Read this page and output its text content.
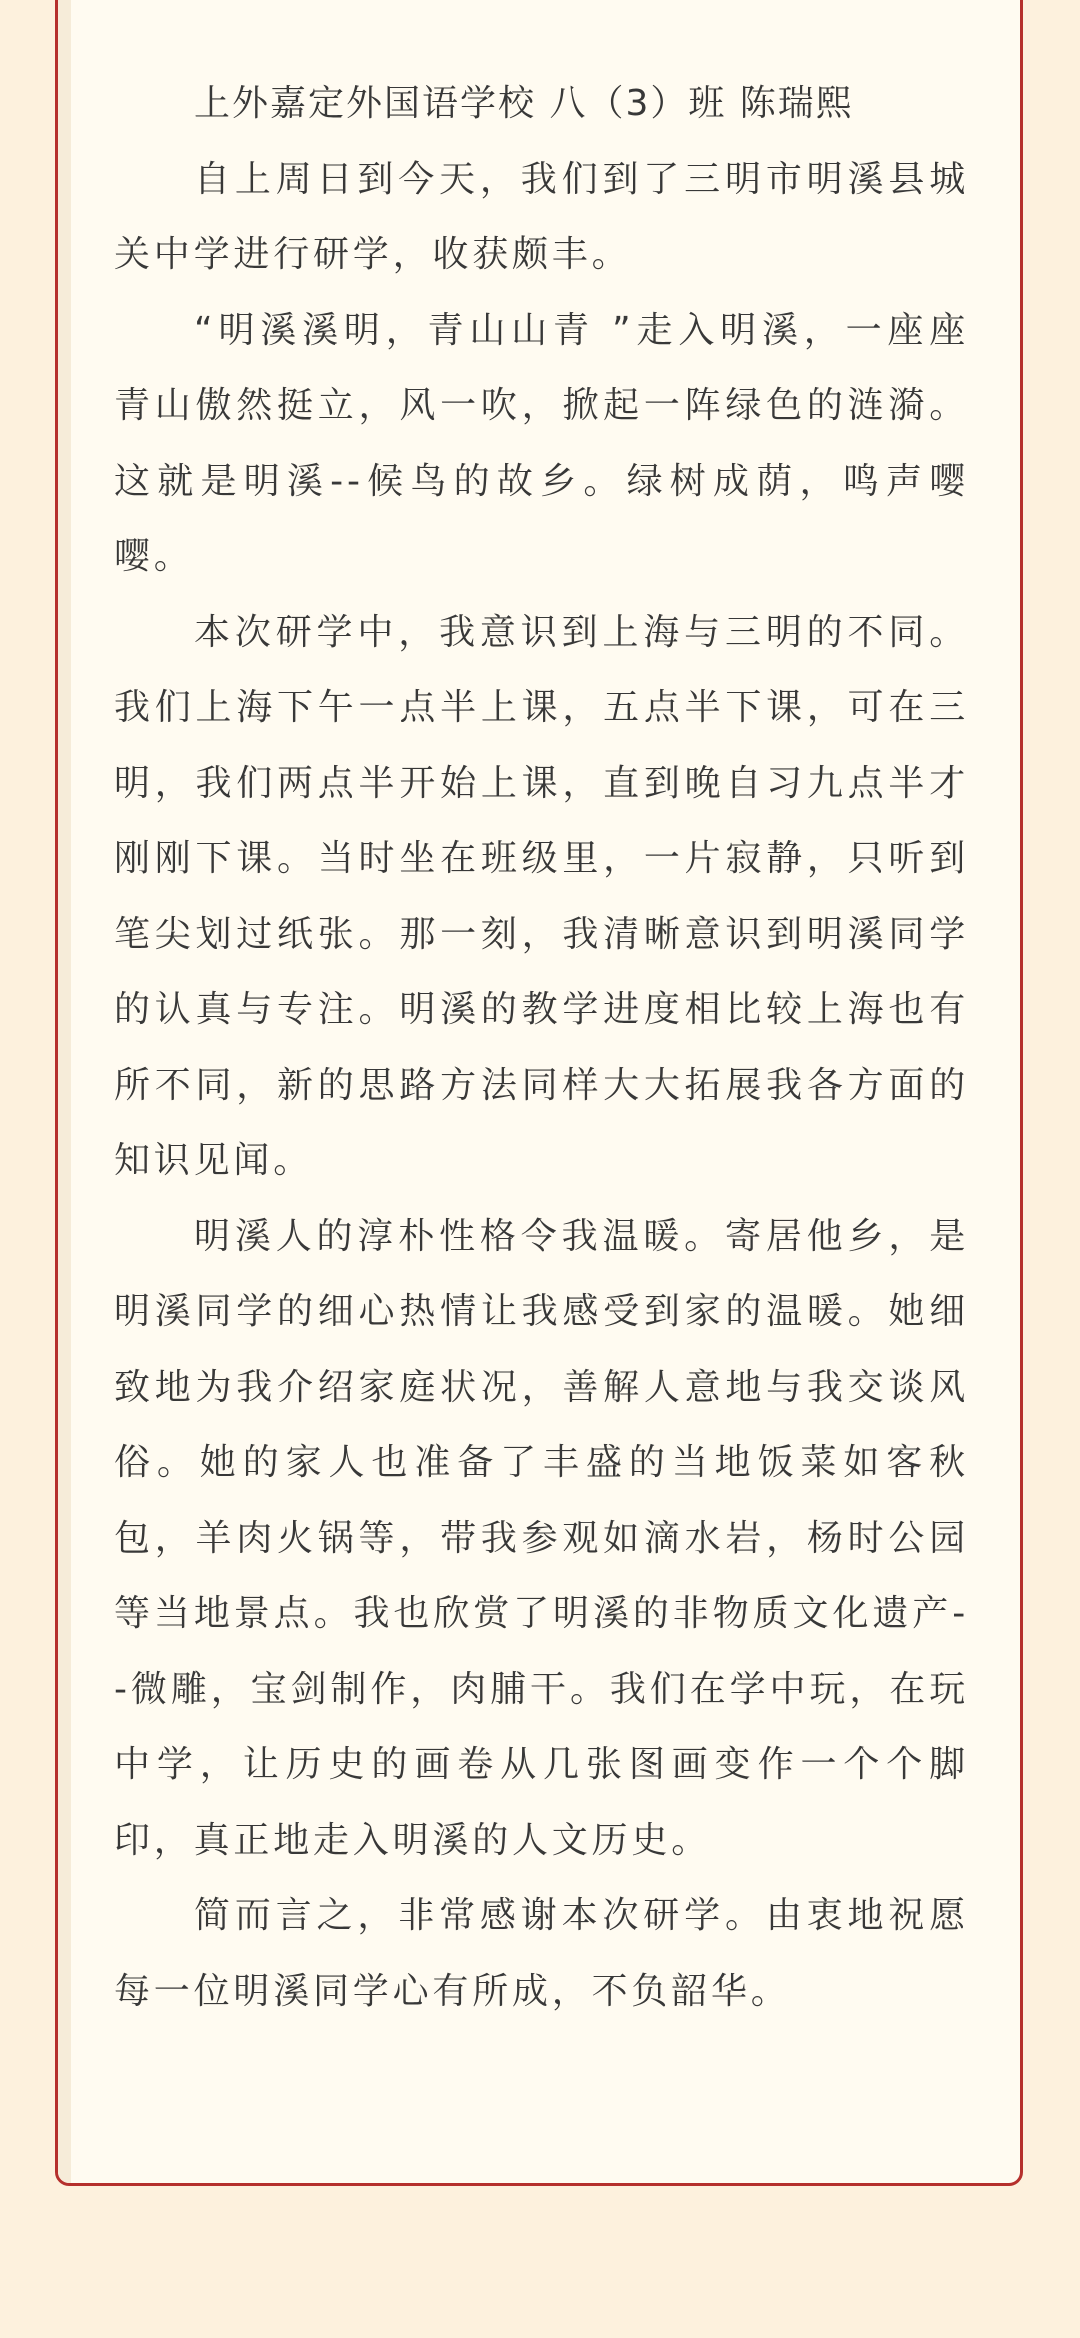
上外嘉定外国语学校 八（3）班 陈瑞熙

自上周日到今天，我们到了三明市明溪县城关中学进行研学，收获颇丰。

“明溪溪明，青山山青 ”走入明溪，一座座青山傲然挺立，风一吹，掀起一阵绿色的涟漪。这就是明溪--候鸟的故乡。绿树成荫，鸣声嘤嘤。

本次研学中，我意识到上海与三明的不同。我们上海下午一点半上课，五点半下课，可在三明，我们两点半开始上课，直到晚自习九点半才刚刚下课。当时坐在班级里，一片寂静，只听到笔尖划过纸张。那一刻，我清晰意识到明溪同学的认真与专注。明溪的教学进度相比较上海也有所不同，新的思路方法同样大大拓展我各方面的知识见闻。

明溪人的淳朴性格令我温暖。寄居他乡，是明溪同学的细心热情让我感受到家的温暖。她细致地为我介绍家庭状况，善解人意地与我交谈风俗。她的家人也准备了丰盛的当地饭菜如客秋包，羊肉火锅等，带我参观如滴水岩，杨时公园等当地景点。我也欣赏了明溪的非物质文化遗产--微雕，宝剑制作，肉脯干。我们在学中玩，在玩中学，让历史的画卷从几张图画变作一个个脚印，真正地走入明溪的人文历史。

简而言之，非常感谢本次研学。由衷地祝愿每一位明溪同学心有所成，不负韶华。
